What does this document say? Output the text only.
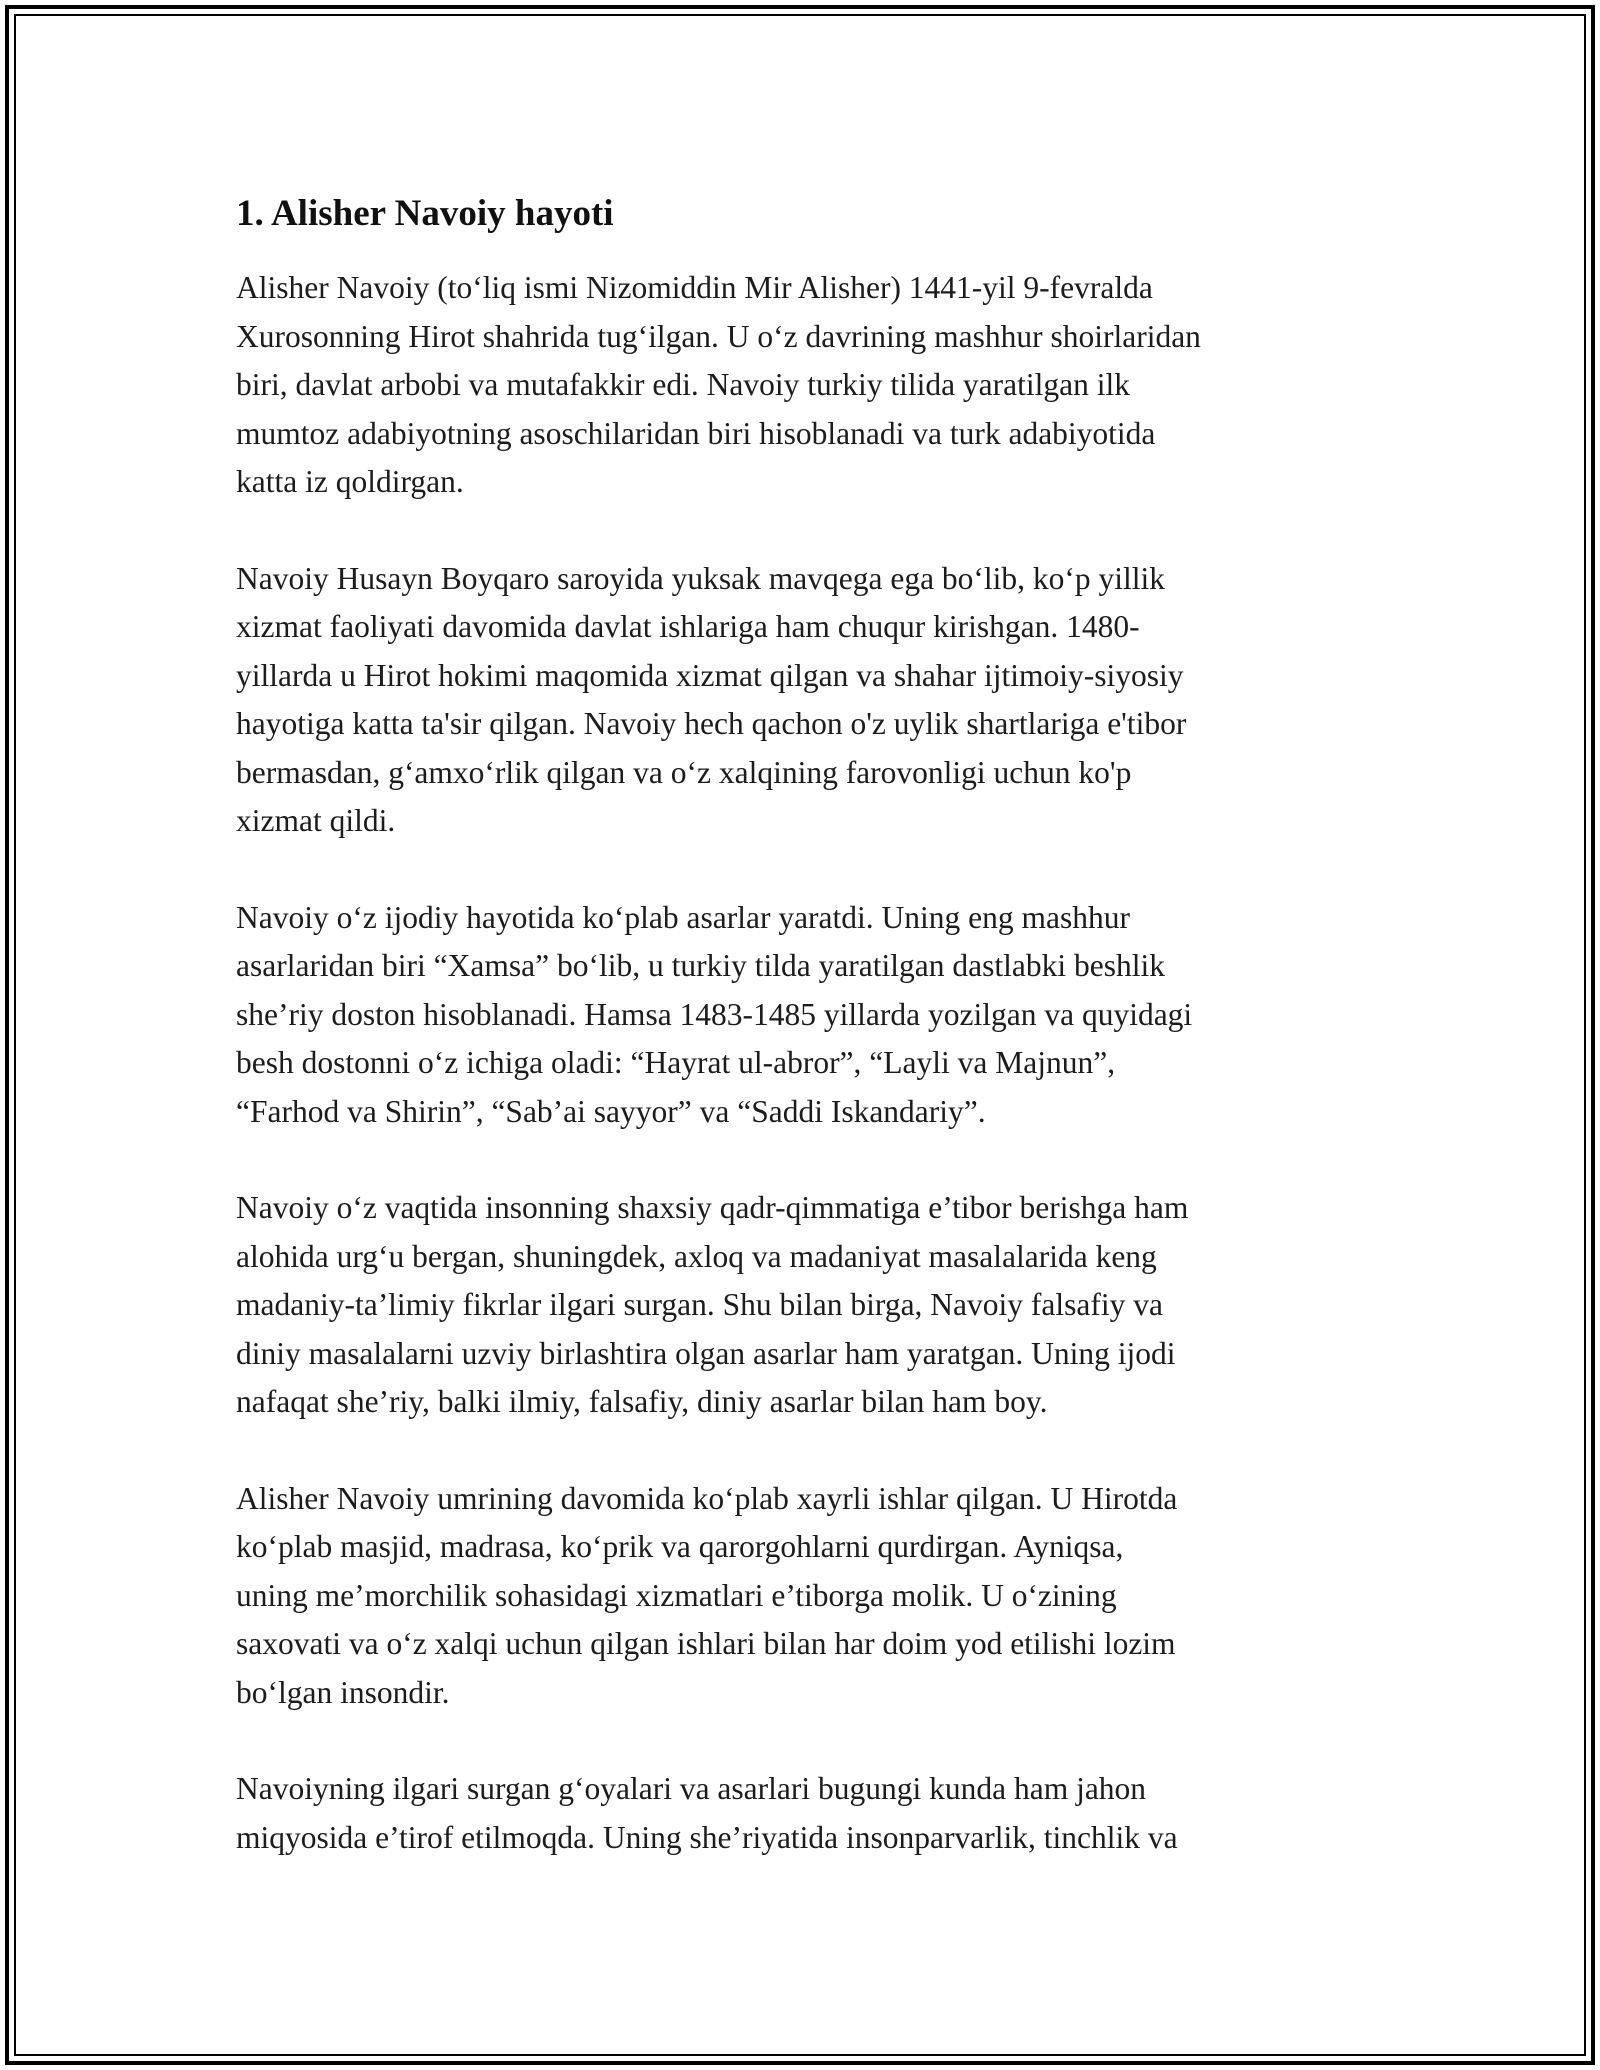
1. Alisher Navoiy hayoti

Alisher Navoiy (to‘liq ismi Nizomiddin Mir Alisher) 1441-yil 9-fevralda
Xurosonning Hirot shahrida tug‘ilgan. U o‘z davrining mashhur shoirlaridan
biri, davlat arbobi va mutafakkir edi. Navoiy turkiy tilida yaratilgan ilk
mumtoz adabiyotning asoschilaridan biri hisoblanadi va turk adabiyotida
katta iz qoldirgan.

Navoiy Husayn Boyqaro saroyida yuksak mavqega ega bo‘lib, ko‘p yillik
xizmat faoliyati davomida davlat ishlariga ham chuqur kirishgan. 1480-
yillarda u Hirot hokimi maqomida xizmat qilgan va shahar ijtimoiy-siyosiy
hayotiga katta ta'sir qilgan. Navoiy hech qachon o'z uylik shartlariga e'tibor
bermasdan, g‘amxo‘rlik qilgan va o‘z xalqining farovonligi uchun ko'p
xizmat qildi.

Navoiy o‘z ijodiy hayotida ko‘plab asarlar yaratdi. Uning eng mashhur
asarlaridan biri “Xamsa” bo‘lib, u turkiy tilda yaratilgan dastlabki beshlik
she’riy doston hisoblanadi. Hamsa 1483-1485 yillarda yozilgan va quyidagi
besh dostonni o‘z ichiga oladi: “Hayrat ul-abror”, “Layli va Majnun”,
“Farhod va Shirin”, “Sab’ai sayyor” va “Saddi Iskandariy”.

Navoiy o‘z vaqtida insonning shaxsiy qadr-qimmatiga e’tibor berishga ham
alohida urg‘u bergan, shuningdek, axloq va madaniyat masalalarida keng
madaniy-ta’limiy fikrlar ilgari surgan. Shu bilan birga, Navoiy falsafiy va
diniy masalalarni uzviy birlashtira olgan asarlar ham yaratgan. Uning ijodi
nafaqat she’riy, balki ilmiy, falsafiy, diniy asarlar bilan ham boy.

Alisher Navoiy umrining davomida ko‘plab xayrli ishlar qilgan. U Hirotda
ko‘plab masjid, madrasa, ko‘prik va qarorgohlarni qurdirgan. Ayniqsa,
uning me’morchilik sohasidagi xizmatlari e’tiborga molik. U o‘zining
saxovati va o‘z xalqi uchun qilgan ishlari bilan har doim yod etilishi lozim
bo‘lgan insondir.

Navoiyning ilgari surgan g‘oyalari va asarlari bugungi kunda ham jahon
miqyosida e’tirof etilmoqda. Uning she’riyatida insonparvarlik, tinchlik va
